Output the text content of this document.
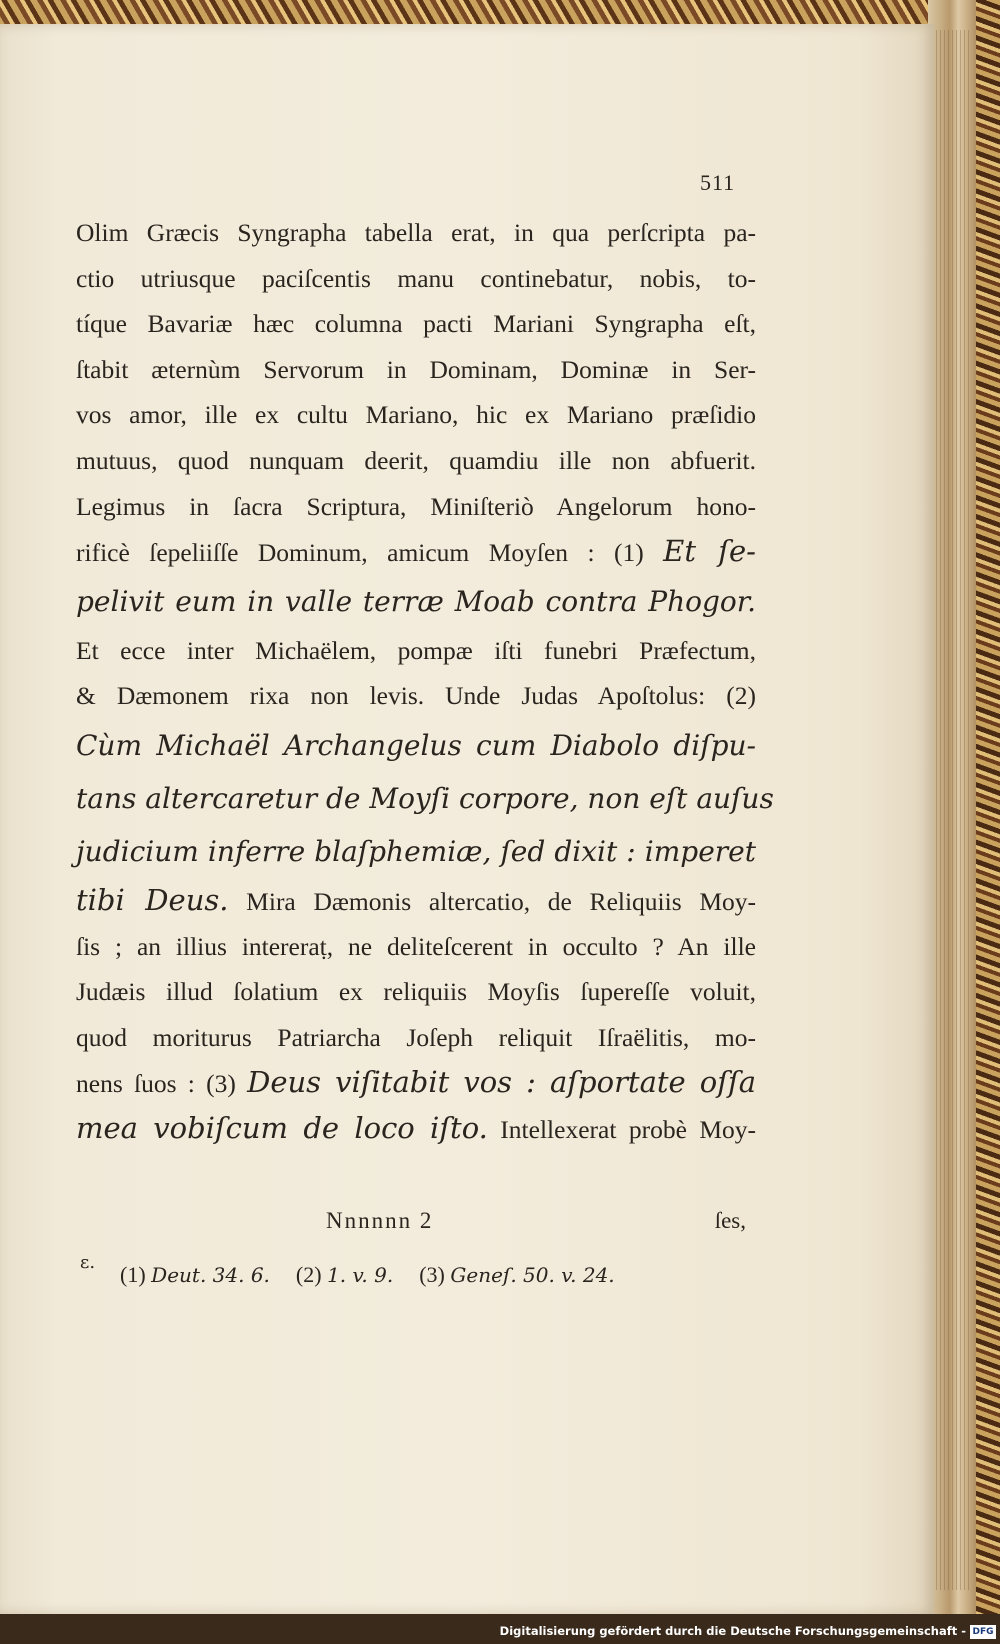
511
Olim Græcis Syngrapha tabella erat, in qua perſcripta pa-
ctio utriusque paciſcentis manu continebatur, nobis, to-
tíque Bavariæ hæc columna pacti Mariani Syngrapha eſt,
ſtabit æternùm Servorum in Dominam, Dominæ in Ser-
vos amor, ille ex cultu Mariano, hic ex Mariano præſidio
mutuus, quod nunquam deerit, quamdiu ille non abfuerit.
Legimus in ſacra Scriptura, Miniſteriò Angelorum hono-
rificè ſepeliiſſe Dominum, amicum Moyſen : (1) Et ſe-
pelivit eum in valle terræ Moab contra Phogor.
Et ecce inter Michaëlem, pompæ iſti funebri Præfectum,
& Dæmonem rixa non levis. Unde Judas Apoſtolus: (2)
Cùm Michaël Archangelus cum Diabolo diſpu-
tans altercaretur de Moyſi corpore, non eſt auſus
judicium inferre blaſphemiæ, ſed dixit : imperet
tibi Deus. Mira Dæmonis altercatio, de Reliquiis Moy-
ſis ; an illius intereraṭ, ne deliteſcerent in occulto ? An ille
Judæis illud ſolatium ex reliquiis Moyſis ſupereſſe voluit,
quod moriturus Patriarcha Joſeph reliquit Iſraëlitis, mo-
nens ſuos : (3) Deus viſitabit vos : aſportate oſſa
mea vobiſcum de loco iſto. Intellexerat probè Moy-
Nnnnnn 2	ſes,
ɛ. (1) Deut. 34. 6. (2) 1. v. 9. (3) Geneſ. 50. v. 24.
Digitalisierung gefördert durch die Deutsche Forschungsgemeinschaft - DFG
